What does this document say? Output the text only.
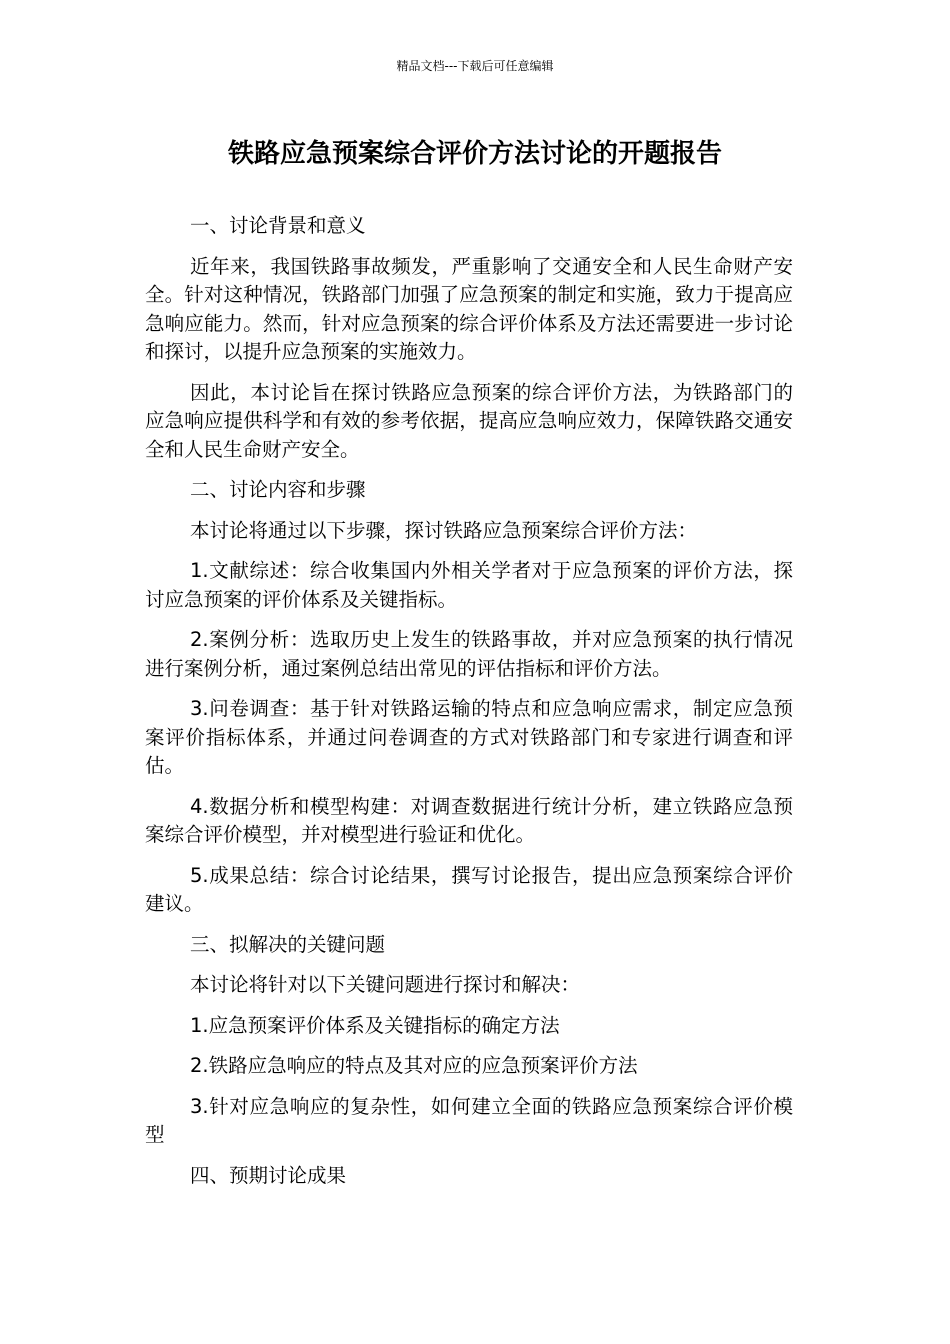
精品文档---下载后可任意编辑
铁路应急预案综合评价方法讨论的开题报告

一、讨论背景和意义

近年来，我国铁路事故频发，严重影响了交通安全和人民生命财产安全。针对这种情况，铁路部门加强了应急预案的制定和实施，致力于提高应急响应能力。然而，针对应急预案的综合评价体系及方法还需要进一步讨论和探讨，以提升应急预案的实施效力。

因此，本讨论旨在探讨铁路应急预案的综合评价方法，为铁路部门的应急响应提供科学和有效的参考依据，提高应急响应效力，保障铁路交通安全和人民生命财产安全。

二、讨论内容和步骤

本讨论将通过以下步骤，探讨铁路应急预案综合评价方法：

1.文献综述：综合收集国内外相关学者对于应急预案的评价方法，探讨应急预案的评价体系及关键指标。

2.案例分析：选取历史上发生的铁路事故，并对应急预案的执行情况进行案例分析，通过案例总结出常见的评估指标和评价方法。

3.问卷调查：基于针对铁路运输的特点和应急响应需求，制定应急预案评价指标体系，并通过问卷调查的方式对铁路部门和专家进行调查和评估。

4.数据分析和模型构建：对调查数据进行统计分析，建立铁路应急预案综合评价模型，并对模型进行验证和优化。

5.成果总结：综合讨论结果，撰写讨论报告，提出应急预案综合评价建议。

三、拟解决的关键问题

本讨论将针对以下关键问题进行探讨和解决：

1.应急预案评价体系及关键指标的确定方法

2.铁路应急响应的特点及其对应的应急预案评价方法

3.针对应急响应的复杂性，如何建立全面的铁路应急预案综合评价模型

四、预期讨论成果
